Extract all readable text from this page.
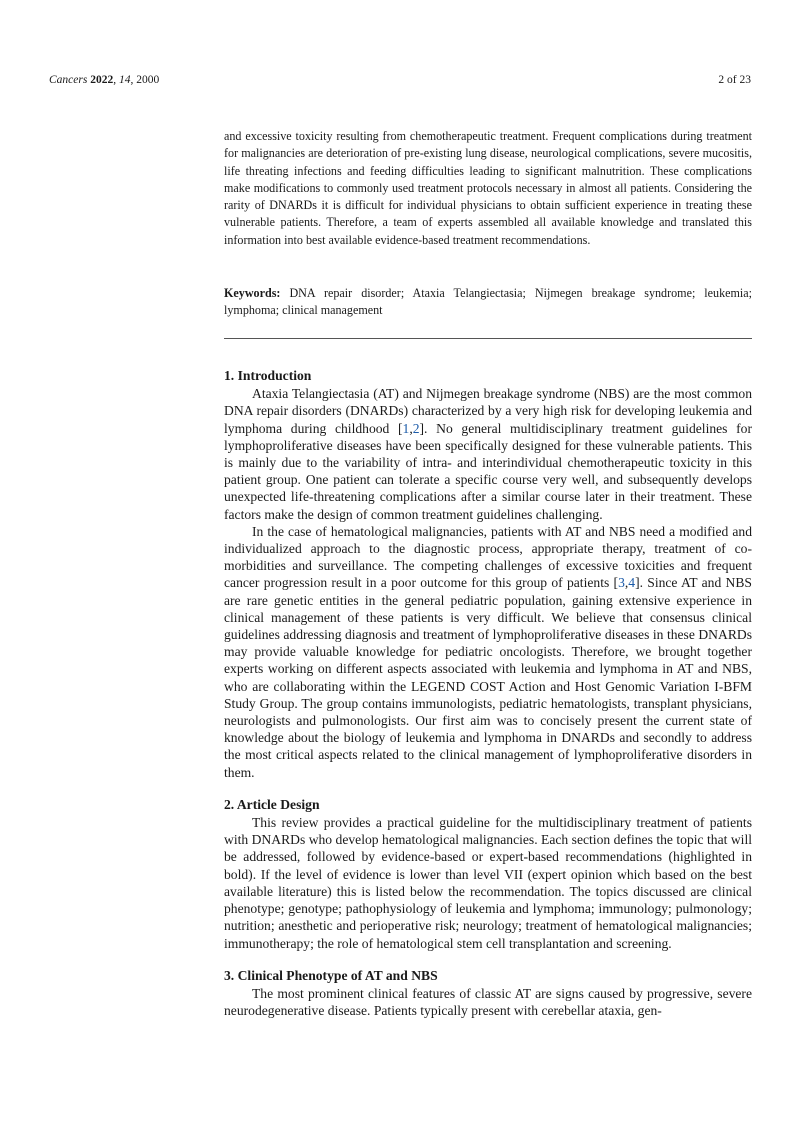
Cancers 2022, 14, 2000	2 of 23

and excessive toxicity resulting from chemotherapeutic treatment. Frequent complications during treatment for malignancies are deterioration of pre-existing lung disease, neurological complications, severe mucositis, life threating infections and feeding difficulties leading to significant malnutrition. These complications make modifications to commonly used treatment protocols necessary in almost all patients. Considering the rarity of DNARDs it is difficult for individual physicians to obtain sufficient experience in treating these vulnerable patients. Therefore, a team of experts assembled all available knowledge and translated this information into best available evidence-based treatment recommendations.

Keywords: DNA repair disorder; Ataxia Telangiectasia; Nijmegen breakage syndrome; leukemia; lymphoma; clinical management

1. Introduction

Ataxia Telangiectasia (AT) and Nijmegen breakage syndrome (NBS) are the most common DNA repair disorders (DNARDs) characterized by a very high risk for developing leukemia and lymphoma during childhood [1,2]. No general multidisciplinary treatment guidelines for lymphoproliferative diseases have been specifically designed for these vulnerable patients. This is mainly due to the variability of intra- and interindividual chemotherapeutic toxicity in this patient group. One patient can tolerate a specific course very well, and subsequently develops unexpected life-threatening complications after a similar course later in their treatment. These factors make the design of common treatment guidelines challenging.

In the case of hematological malignancies, patients with AT and NBS need a modified and individualized approach to the diagnostic process, appropriate therapy, treatment of co-morbidities and surveillance. The competing challenges of excessive toxicities and frequent cancer progression result in a poor outcome for this group of patients [3,4]. Since AT and NBS are rare genetic entities in the general pediatric population, gaining extensive experience in clinical management of these patients is very difficult. We believe that consensus clinical guidelines addressing diagnosis and treatment of lymphoproliferative diseases in these DNARDs may provide valuable knowledge for pediatric oncologists. Therefore, we brought together experts working on different aspects associated with leukemia and lymphoma in AT and NBS, who are collaborating within the LEGEND COST Action and Host Genomic Variation I-BFM Study Group. The group contains immunologists, pediatric hematologists, transplant physicians, neurologists and pulmonologists. Our first aim was to concisely present the current state of knowledge about the biology of leukemia and lymphoma in DNARDs and secondly to address the most critical aspects related to the clinical management of lymphoproliferative disorders in them.

2. Article Design

This review provides a practical guideline for the multidisciplinary treatment of patients with DNARDs who develop hematological malignancies. Each section defines the topic that will be addressed, followed by evidence-based or expert-based recommendations (highlighted in bold). If the level of evidence is lower than level VII (expert opinion which based on the best available literature) this is listed below the recommendation. The topics discussed are clinical phenotype; genotype; pathophysiology of leukemia and lymphoma; immunology; pulmonology; nutrition; anesthetic and perioperative risk; neurology; treatment of hematological malignancies; immunotherapy; the role of hematological stem cell transplantation and screening.

3. Clinical Phenotype of AT and NBS

The most prominent clinical features of classic AT are signs caused by progressive, severe neurodegenerative disease. Patients typically present with cerebellar ataxia, gen-
